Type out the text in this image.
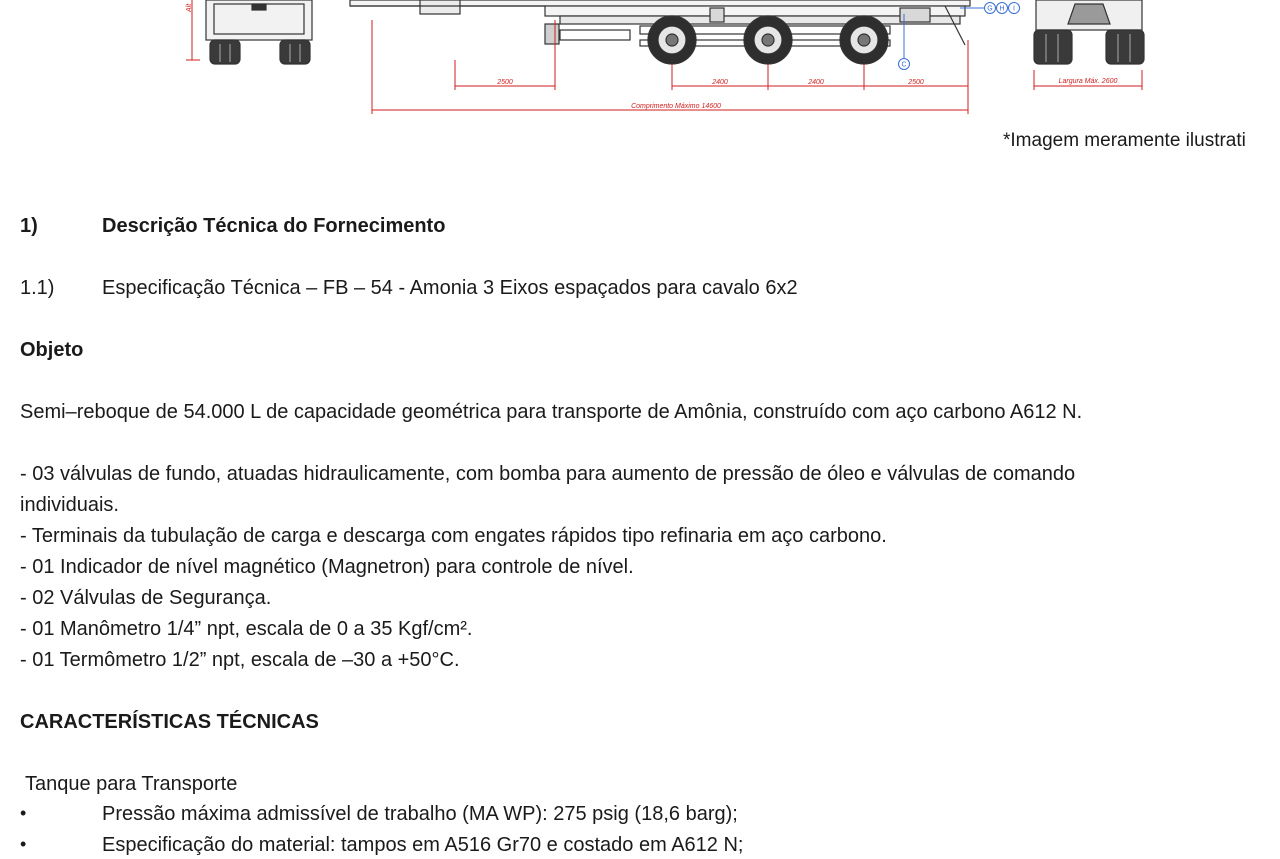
Alt	G H I
C
2500	2400	2400	2500
Comprimento Máximo 14600
Largura Máx. 2600
*Imagem meramente ilustrati
1)	Descrição Técnica do Fornecimento
1.1) Especificação Técnica – FB – 54 - Amonia 3 Eixos espaçados para cavalo 6x2
Objeto
Semi–reboque de 54.000 L de capacidade geométrica para transporte de Amônia, construído com aço carbono A612 N.
- 03 válvulas de fundo, atuadas hidraulicamente, com bomba para aumento de pressão de óleo e válvulas de comando
individuais.
- Terminais da tubulação de carga e descarga com engates rápidos tipo refinaria em aço carbono.
- 01 Indicador de nível magnético (Magnetron) para controle de nível.
- 02 Válvulas de Segurança.
- 01 Manômetro 1/4” npt, escala de 0 a 35 Kgf/cm².
- 01 Termômetro 1/2” npt, escala de –30 a +50°C.
CARACTERÍSTICAS TÉCNICAS
Tanque para Transporte
•	Pressão máxima admissível de trabalho (MA WP): 275 psig (18,6 barg);
•	Especificação do material: tampos em A516 Gr70 e costado em A612 N;
